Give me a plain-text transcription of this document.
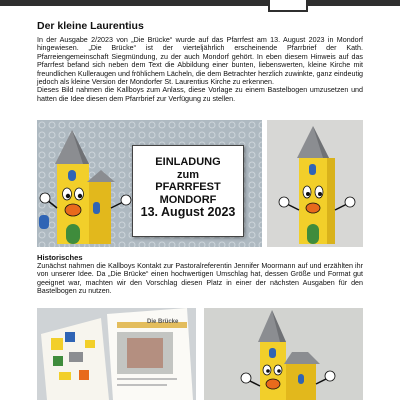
Der kleine Laurentius

In der Ausgabe 2/2023 von „Die Brücke“ wurde auf das Pfarrfest am 13. August 2023 in Mondorf hingewiesen. „Die Brücke“ ist der vierteljährlich erscheinende Pfarrbrief der Kath. Pfarreiengemeinschaft Siegmündung, zu der auch Mondorf gehört. In eben diesem Hinweis auf das Pfarrfest befand sich neben dem Text die Abbildung einer bunten, liebenswerten, kleine Kirche mit freundlichen Kulleraugen und fröhlichem Lächeln, die dem Betrachter herzlich zuwinkte, ganz eindeutig jedoch als kleine Version der Mondorfer St. Laurentius Kirche zu erkennen.
Dieses Bild nahmen die Kallboys zum Anlass, diese Vorlage zu einem Bastelbogen umzusetzen und hatten die Idee diesen dem Pfarrbrief zur Verfügung zu stellen.

EINLADUNG
zum
PFARRFEST
MONDORF
13. August 2023
Historisches

Zunächst nahmen die Kallboys Kontakt zur Pastoralreferentin Jennifer Moormann auf und erzählten ihr von unserer Idee. Da „Die Brücke“ einen hochwertigen Umschlag hat, dessen Größe und Format gut geeignet war, machten wir den Vorschlag diesen Platz in einer der nächsten Ausgaben für den Bastelbogen zu nutzen.

Die Brücke
